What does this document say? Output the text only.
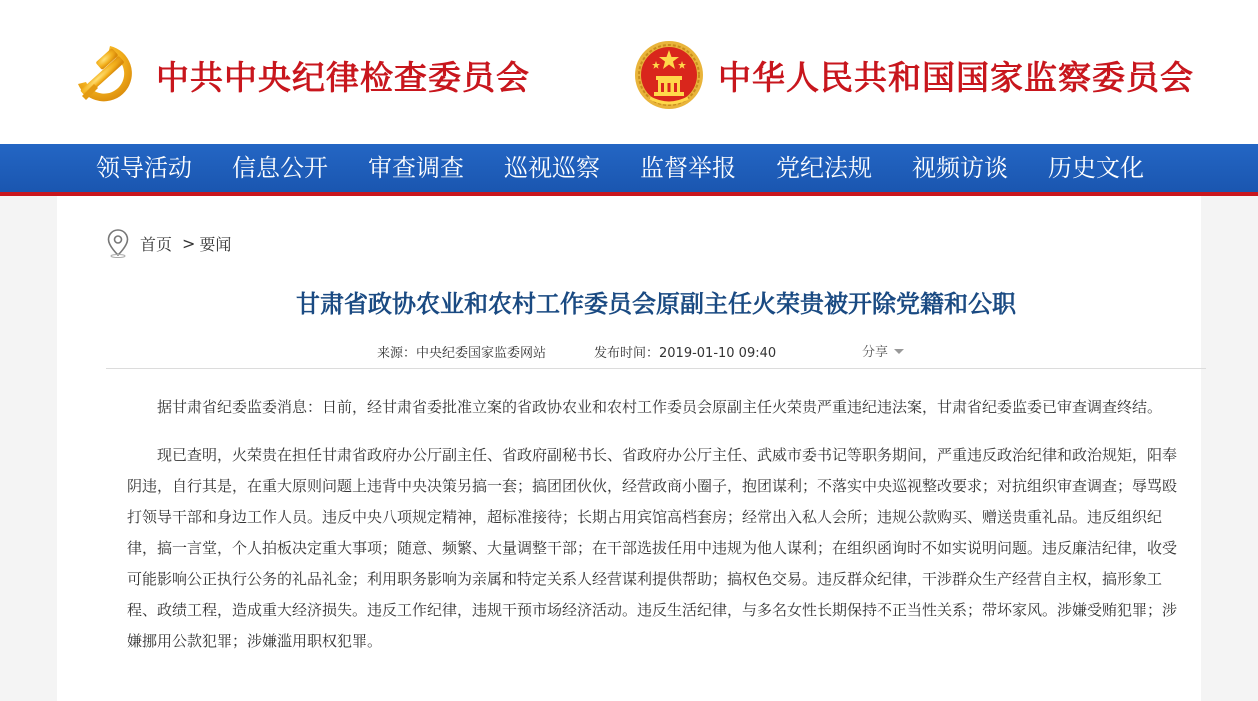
中共中央纪律检查委员会	中华人民共和国国家监察委员会
领导活动 信息公开 审查调查 巡视巡察 监督举报 党纪法规 视频访谈 历史文化
首页 > 要闻
甘肃省政协农业和农村工作委员会原副主任火荣贵被开除党籍和公职
来源：中央纪委国家监委网站	发布时间：2019-01-10 09:40	分享

据甘肃省纪委监委消息：日前，经甘肃省委批准立案的省政协农业和农村工作委员会原副主任火荣贵严重违纪违法案，甘肃省纪委监委已审查调查终结。

现已查明，火荣贵在担任甘肃省政府办公厅副主任、省政府副秘书长、省政府办公厅主任、武威市委书记等职务期间，严重违反政治纪律和政治规矩，阳奉阴违，自行其是，在重大原则问题上违背中央决策另搞一套；搞团团伙伙，经营政商小圈子，抱团谋利；不落实中央巡视整改要求；对抗组织审查调查；辱骂殴打领导干部和身边工作人员。违反中央八项规定精神，超标准接待；长期占用宾馆高档套房；经常出入私人会所；违规公款购买、赠送贵重礼品。违反组织纪律，搞一言堂，个人拍板决定重大事项；随意、频繁、大量调整干部；在干部选拔任用中违规为他人谋利；在组织函询时不如实说明问题。违反廉洁纪律，收受可能影响公正执行公务的礼品礼金；利用职务影响为亲属和特定关系人经营谋利提供帮助；搞权色交易。违反群众纪律，干涉群众生产经营自主权，搞形象工程、政绩工程，造成重大经济损失。违反工作纪律，违规干预市场经济活动。违反生活纪律，与多名女性长期保持不正当性关系；带坏家风。涉嫌受贿犯罪；涉嫌挪用公款犯罪；涉嫌滥用职权犯罪。
